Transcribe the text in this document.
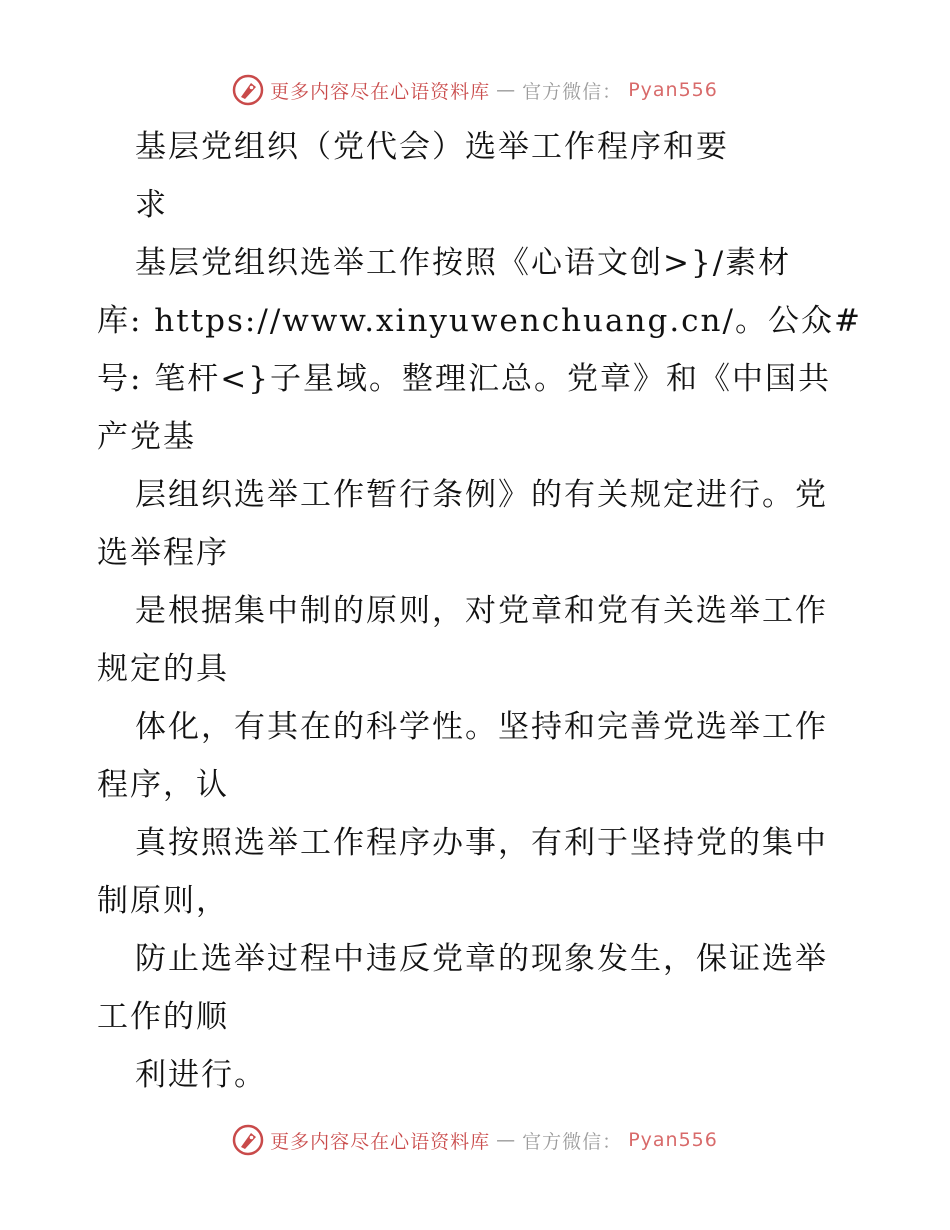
更多内容尽在心语资料库 — 官方微信： Pyan556
基层党组织（党代会）选举工作程序和要
求
基层党组织选举工作按照《心语文创>}/素材
库: https://www.xinyuwenchuang.cn/。公众#
号: 笔杆<}子星域。整理汇总。党章》和《中国共
产党基
层组织选举工作暂行条例》的有关规定进行。党
选举程序
是根据集中制的原则，对党章和党有关选举工作
规定的具
体化，有其在的科学性。坚持和完善党选举工作
程序，认
真按照选举工作程序办事，有利于坚持党的集中
制原则，
防止选举过程中违反党章的现象发生，保证选举
工作的顺
利进行。
更多内容尽在心语资料库 — 官方微信： Pyan556
